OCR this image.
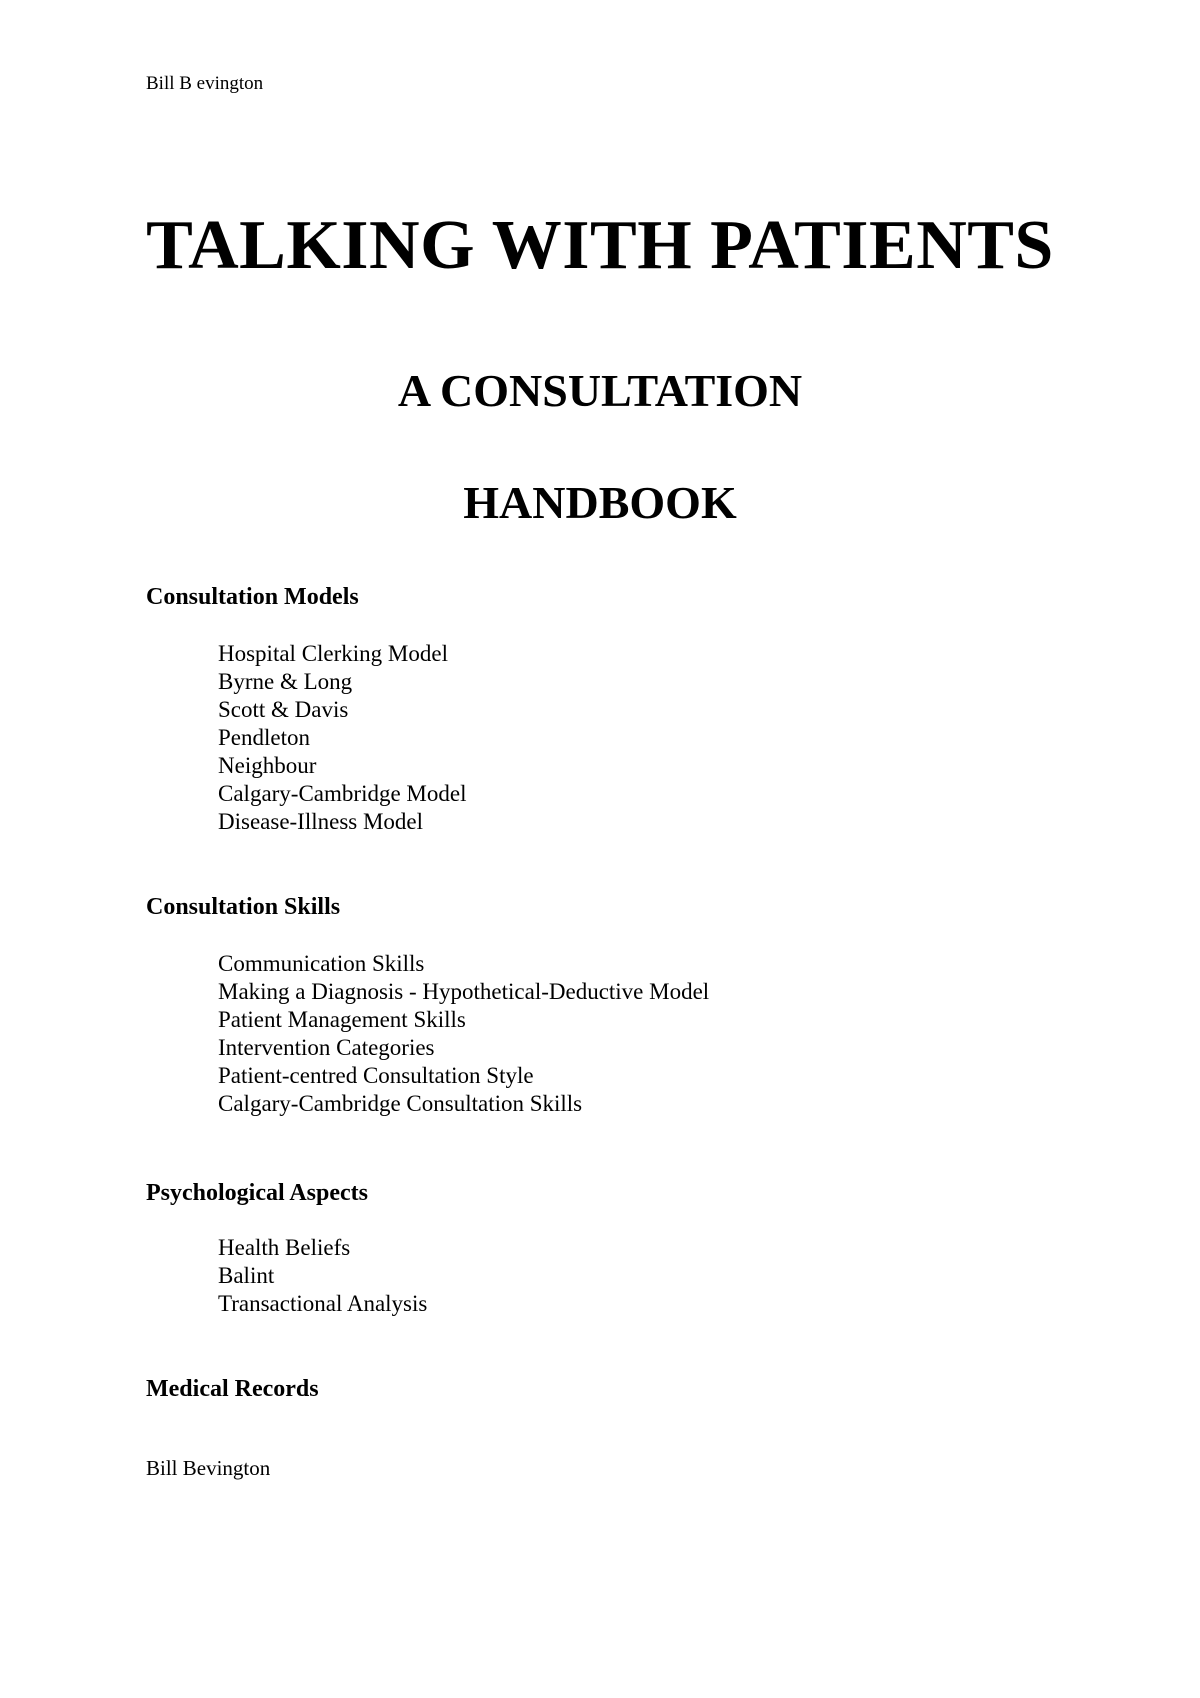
Bill B evington
TALKING WITH PATIENTS
A CONSULTATION
HANDBOOK
Consultation Models
Hospital Clerking Model
Byrne & Long
Scott & Davis
Pendleton
Neighbour
Calgary-Cambridge Model
Disease-Illness Model
Consultation Skills
Communication Skills
Making a Diagnosis - Hypothetical-Deductive Model
Patient Management Skills
Intervention Categories
Patient-centred Consultation Style
Calgary-Cambridge Consultation Skills
Psychological Aspects
Health Beliefs
Balint
Transactional Analysis
Medical Records
Bill Bevington
